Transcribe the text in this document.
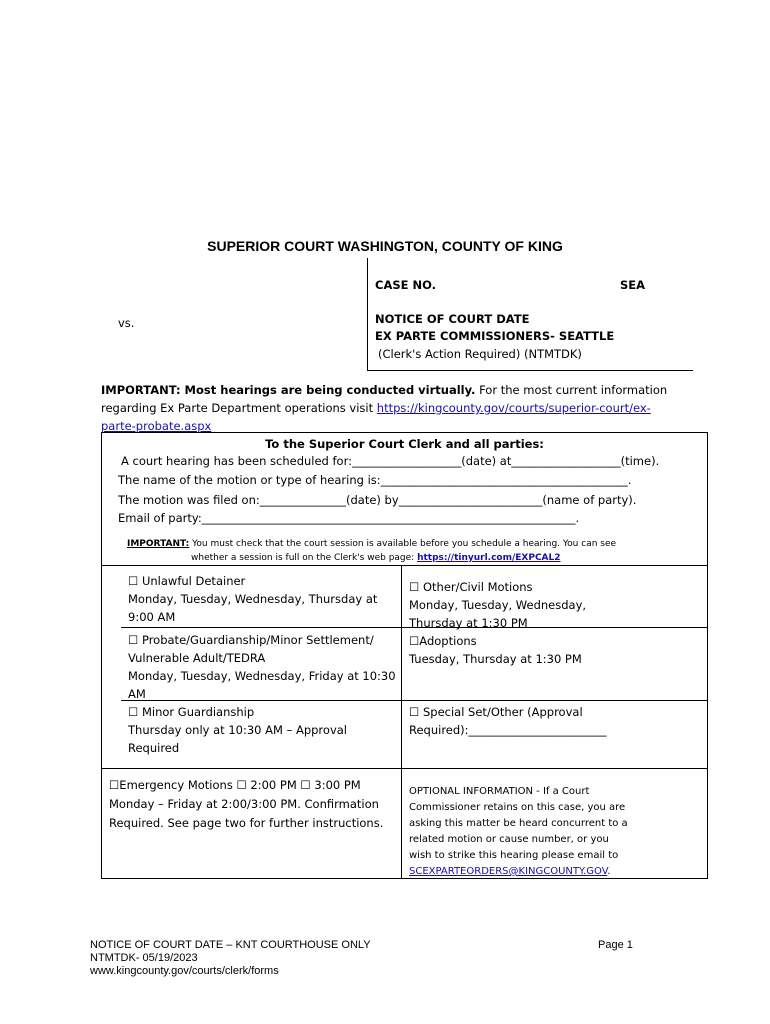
SUPERIOR COURT WASHINGTON, COUNTY OF KING
vs.
CASE NO.	SEA
NOTICE OF COURT DATE
EX PARTE COMMISSIONERS- SEATTLE
(Clerk's Action Required) (NTMTDK)
IMPORTANT: Most hearings are being conducted virtually. For the most current information
regarding Ex Parte Department operations visit https://kingcounty.gov/courts/superior-court/ex-
parte-probate.aspx
To the Superior Court Clerk and all parties:
A court hearing has been scheduled for:___________________(date) at___________________(time).
The name of the motion or type of hearing is:___________________________________________.
The motion was filed on:_______________(date) by_________________________(name of party).
Email of party:_________________________________________________________________.
IMPORTANT: You must check that the court session is available before you schedule a hearing. You can see
whether a session is full on the Clerk's web page: https://tinyurl.com/EXPCAL2
☐ Unlawful Detainer
Monday, Tuesday, Wednesday, Thursday at
9:00 AM
☐ Probate/Guardianship/Minor Settlement/
Vulnerable Adult/TEDRA
Monday, Tuesday, Wednesday, Friday at 10:30
AM
☐ Minor Guardianship
Thursday only at 10:30 AM – Approval
Required
☐Emergency Motions ☐ 2:00 PM ☐ 3:00 PM
Monday – Friday at 2:00/3:00 PM. Confirmation
Required. See page two for further instructions.
☐ Other/Civil Motions
Monday, Tuesday, Wednesday,
Thursday at 1:30 PM
☐Adoptions
Tuesday, Thursday at 1:30 PM
☐ Special Set/Other (Approval
Required):________________________
OPTIONAL INFORMATION - If a Court
Commissioner retains on this case, you are
asking this matter be heard concurrent to a
related motion or cause number, or you
wish to strike this hearing please email to
SCEXPARTEORDERS@KINGCOUNTY.GOV.
NOTICE OF COURT DATE – KNT COURTHOUSE ONLY
NTMTDK- 05/19/2023
www.kingcounty.gov/courts/clerk/forms
Page 1
